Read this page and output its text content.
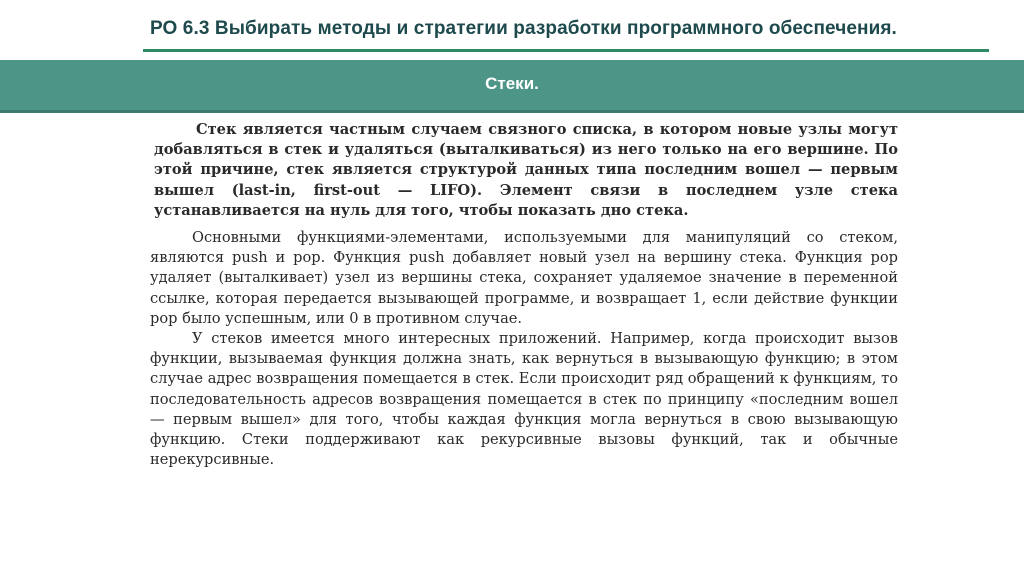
РО 6.3 Выбирать методы и стратегии разработки программного обеспечения.
Стеки.

Стек является частным случаем связного списка, в котором новые узлы могут добавляться в стек и удаляться (выталкиваться) из него только на его вершине. По этой причине, стек является структурой данных типа последним вошел — первым вышел (last-in, first-out — LIFO). Элемент связи в последнем узле стека устанавливается на нуль для того, чтобы показать дно стека.

Основными функциями-элементами, используемыми для манипуляций со стеком, являются push и pop. Функция push добавляет новый узел на вершину стека. Функция pop удаляет (выталкивает) узел из вершины стека, сохраняет удаляемое значение в переменной ссылке, которая передается вызывающей программе, и возвращает 1, если действие функции pop было успешным, или 0 в противном случае.

У стеков имеется много интересных приложений. Например, когда происходит вызов функции, вызываемая функция должна знать, как вернуться в вызывающую функцию; в этом случае адрес возвращения помещается в стек. Если происходит ряд обращений к функциям, то последовательность адресов возвращения помещается в стек по принципу «последним вошел — первым вышел» для того, чтобы каждая функция могла вернуться в свою вызывающую функцию. Стеки поддерживают как рекурсивные вызовы функций, так и обычные нерекурсивные.
